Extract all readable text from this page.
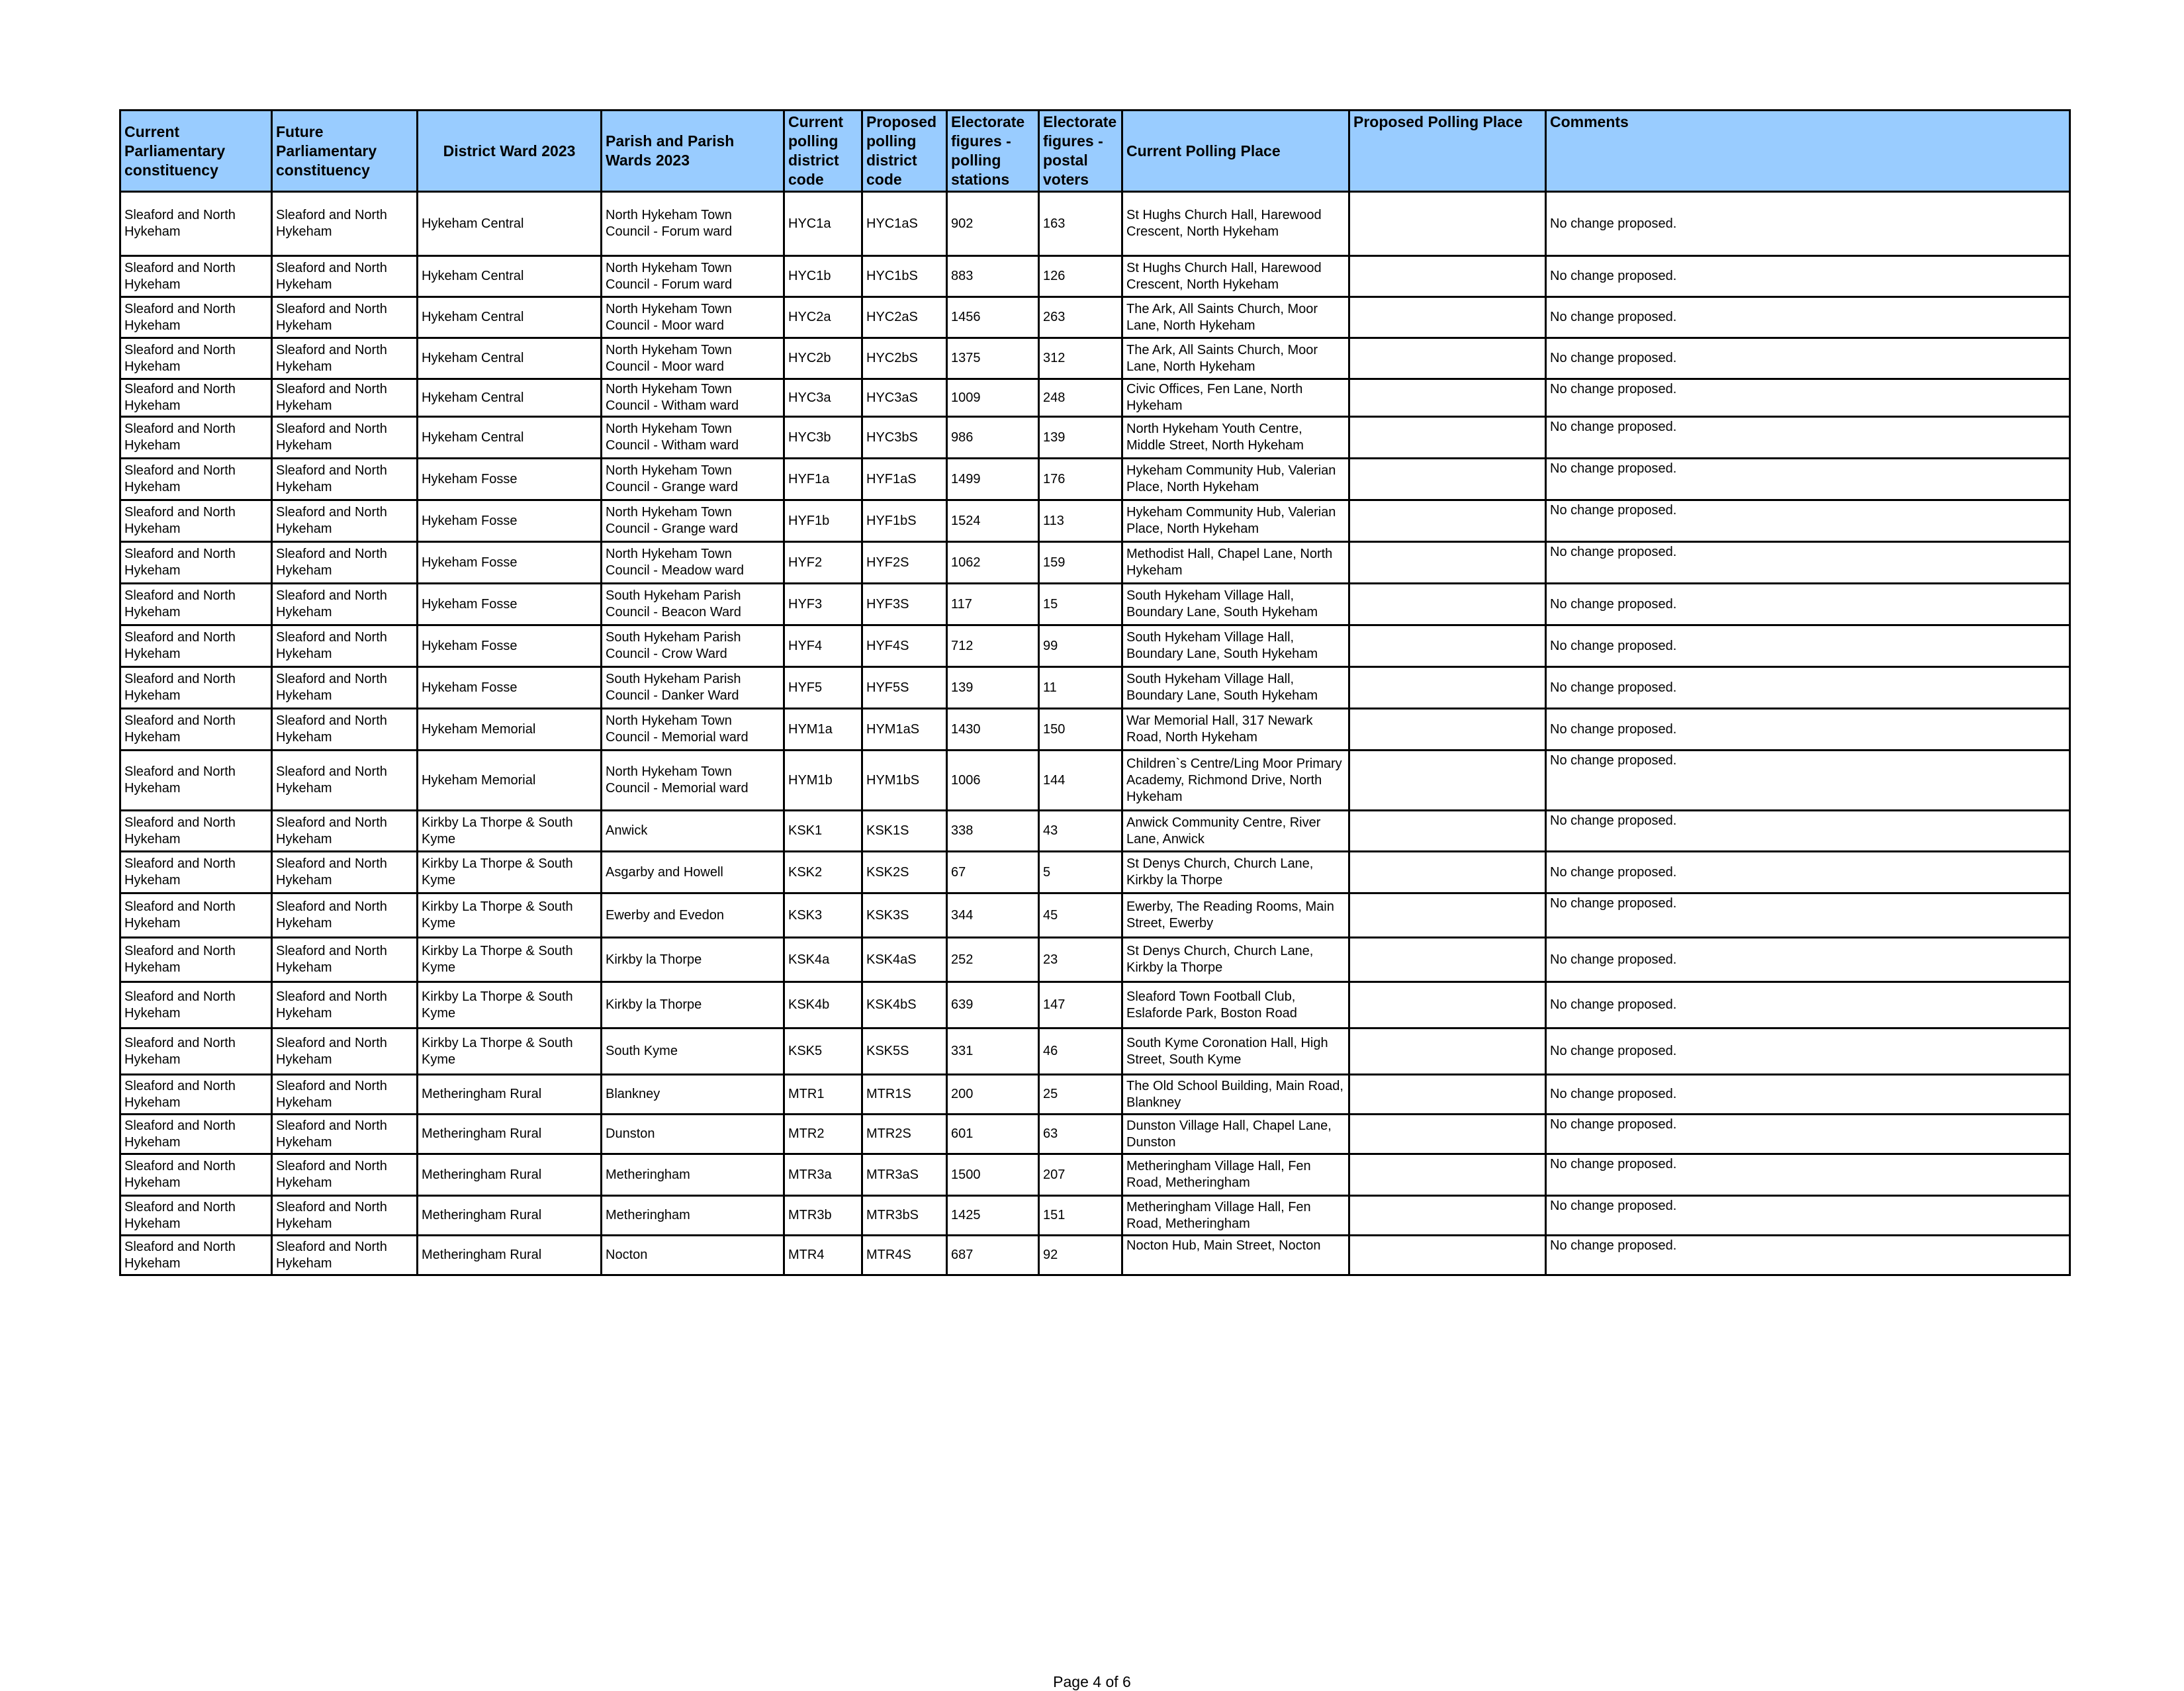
Current Parliamentary constituency	Future Parliamentary constituency	District Ward 2023	Parish and Parish Wards 2023	Current polling district code	Proposed polling district code	Electorate figures - polling stations	Electorate figures - postal voters	Current Polling Place	Proposed Polling Place	Comments
Sleaford and North Hykeham	Sleaford and North Hykeham	Hykeham Central	North Hykeham Town Council - Forum ward	HYC1a	HYC1aS	902	163	St Hughs Church Hall, Harewood Crescent, North Hykeham		No change proposed.
Sleaford and North Hykeham	Sleaford and North Hykeham	Hykeham Central	North Hykeham Town Council - Forum ward	HYC1b	HYC1bS	883	126	St Hughs Church Hall, Harewood Crescent, North Hykeham		No change proposed.
Sleaford and North Hykeham	Sleaford and North Hykeham	Hykeham Central	North Hykeham Town Council - Moor ward	HYC2a	HYC2aS	1456	263	The Ark, All Saints Church, Moor Lane, North Hykeham		No change proposed.
Sleaford and North Hykeham	Sleaford and North Hykeham	Hykeham Central	North Hykeham Town Council - Moor ward	HYC2b	HYC2bS	1375	312	The Ark, All Saints Church, Moor Lane, North Hykeham		No change proposed.
Sleaford and North Hykeham	Sleaford and North Hykeham	Hykeham Central	North Hykeham Town Council - Witham ward	HYC3a	HYC3aS	1009	248	Civic Offices, Fen Lane, North Hykeham		No change proposed.
Sleaford and North Hykeham	Sleaford and North Hykeham	Hykeham Central	North Hykeham Town Council - Witham ward	HYC3b	HYC3bS	986	139	North Hykeham Youth Centre, Middle Street, North Hykeham		No change proposed.
Sleaford and North Hykeham	Sleaford and North Hykeham	Hykeham Fosse	North Hykeham Town Council - Grange ward	HYF1a	HYF1aS	1499	176	Hykeham Community Hub, Valerian Place, North Hykeham		No change proposed.
Sleaford and North Hykeham	Sleaford and North Hykeham	Hykeham Fosse	North Hykeham Town Council - Grange ward	HYF1b	HYF1bS	1524	113	Hykeham Community Hub, Valerian Place, North Hykeham		No change proposed.
Sleaford and North Hykeham	Sleaford and North Hykeham	Hykeham Fosse	North Hykeham Town Council - Meadow ward	HYF2	HYF2S	1062	159	Methodist Hall, Chapel Lane, North Hykeham		No change proposed.
Sleaford and North Hykeham	Sleaford and North Hykeham	Hykeham Fosse	South Hykeham Parish Council - Beacon Ward	HYF3	HYF3S	117	15	South Hykeham Village Hall, Boundary Lane, South Hykeham		No change proposed.
Sleaford and North Hykeham	Sleaford and North Hykeham	Hykeham Fosse	South Hykeham Parish Council - Crow Ward	HYF4	HYF4S	712	99	South Hykeham Village Hall, Boundary Lane, South Hykeham		No change proposed.
Sleaford and North Hykeham	Sleaford and North Hykeham	Hykeham Fosse	South Hykeham Parish Council - Danker Ward	HYF5	HYF5S	139	11	South Hykeham Village Hall, Boundary Lane, South Hykeham		No change proposed.
Sleaford and North Hykeham	Sleaford and North Hykeham	Hykeham Memorial	North Hykeham Town Council - Memorial ward	HYM1a	HYM1aS	1430	150	War Memorial Hall, 317 Newark Road, North Hykeham		No change proposed.
Sleaford and North Hykeham	Sleaford and North Hykeham	Hykeham Memorial	North Hykeham Town Council - Memorial ward	HYM1b	HYM1bS	1006	144	Children`s Centre/Ling Moor Primary Academy, Richmond Drive, North Hykeham		No change proposed.
Sleaford and North Hykeham	Sleaford and North Hykeham	Kirkby La Thorpe & South Kyme	Anwick	KSK1	KSK1S	338	43	Anwick Community Centre, River Lane, Anwick		No change proposed.
Sleaford and North Hykeham	Sleaford and North Hykeham	Kirkby La Thorpe & South Kyme	Asgarby and Howell	KSK2	KSK2S	67	5	St Denys Church, Church Lane, Kirkby la Thorpe		No change proposed.
Sleaford and North Hykeham	Sleaford and North Hykeham	Kirkby La Thorpe & South Kyme	Ewerby and Evedon	KSK3	KSK3S	344	45	Ewerby, The Reading Rooms, Main Street, Ewerby		No change proposed.
Sleaford and North Hykeham	Sleaford and North Hykeham	Kirkby La Thorpe & South Kyme	Kirkby la Thorpe	KSK4a	KSK4aS	252	23	St Denys Church, Church Lane, Kirkby la Thorpe		No change proposed.
Sleaford and North Hykeham	Sleaford and North Hykeham	Kirkby La Thorpe & South Kyme	Kirkby la Thorpe	KSK4b	KSK4bS	639	147	Sleaford Town Football Club, Eslaforde Park, Boston Road		No change proposed.
Sleaford and North Hykeham	Sleaford and North Hykeham	Kirkby La Thorpe & South Kyme	South Kyme	KSK5	KSK5S	331	46	South Kyme Coronation Hall, High Street, South Kyme		No change proposed.
Sleaford and North Hykeham	Sleaford and North Hykeham	Metheringham Rural	Blankney	MTR1	MTR1S	200	25	The Old School Building, Main Road, Blankney		No change proposed.
Sleaford and North Hykeham	Sleaford and North Hykeham	Metheringham Rural	Dunston	MTR2	MTR2S	601	63	Dunston Village Hall, Chapel Lane, Dunston		No change proposed.
Sleaford and North Hykeham	Sleaford and North Hykeham	Metheringham Rural	Metheringham	MTR3a	MTR3aS	1500	207	Metheringham Village Hall, Fen Road, Metheringham		No change proposed.
Sleaford and North Hykeham	Sleaford and North Hykeham	Metheringham Rural	Metheringham	MTR3b	MTR3bS	1425	151	Metheringham Village Hall, Fen Road, Metheringham		No change proposed.
Sleaford and North Hykeham	Sleaford and North Hykeham	Metheringham Rural	Nocton	MTR4	MTR4S	687	92	Nocton Hub, Main Street, Nocton		No change proposed.
Page 4 of 6
